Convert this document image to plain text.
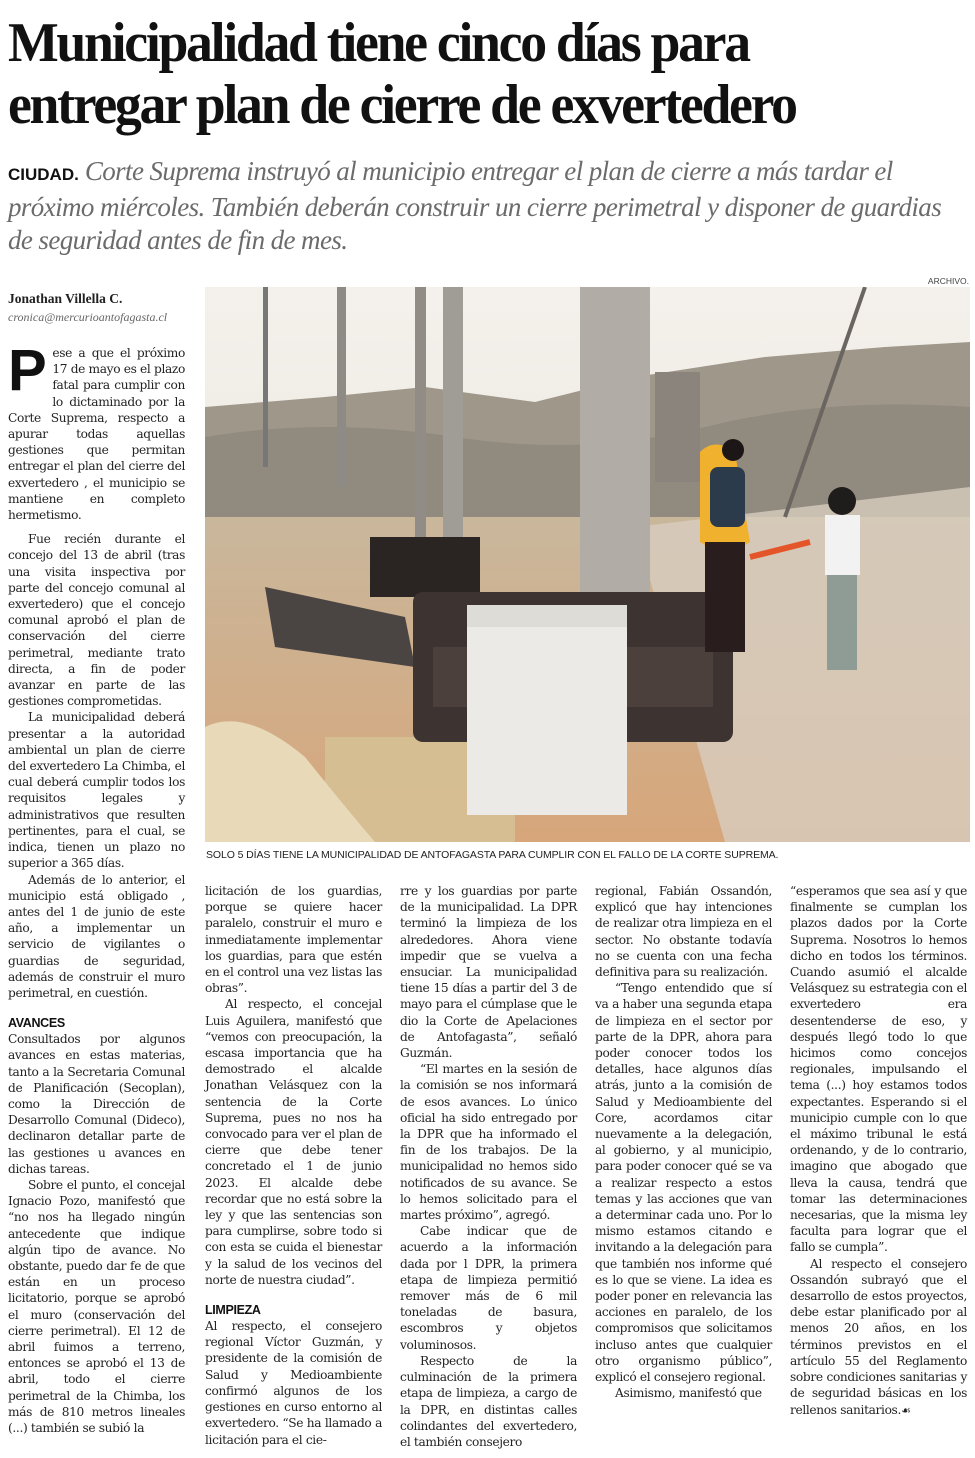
Municipalidad tiene cinco días para entregar plan de cierre de exvertedero

CIUDAD. Corte Suprema instruyó al municipio entregar el plan de cierre a más tardar el próximo miércoles. También deberán construir un cierre perimetral y disponer de guardias de seguridad antes de fin de mes.

Jonathan Villella C.
cronica@mercurioantofagasta.cl
ARCHIVO.
SOLO 5 DÍAS TIENE LA MUNICIPALIDAD DE ANTOFAGASTA PARA CUMPLIR CON EL FALLO DE LA CORTE SUPREMA.

Pese a que el próximo 17 de mayo es el plazo fatal para cumplir con lo dictaminado por la Corte Suprema, respecto a apurar todas aquellas gestiones que permitan entregar el plan del cierre del exvertedero , el municipio se mantiene en completo hermetismo.

Fue recién durante el concejo del 13 de abril (tras una visita inspectiva por parte del concejo comunal al exvertedero) que el concejo comunal aprobó el plan de conservación del cierre perimetral, mediante trato directa, a fin de poder avanzar en parte de las gestiones comprometidas.

La municipalidad deberá presentar a la autoridad ambiental un plan de cierre del exvertedero La Chimba, el cual deberá cumplir todos los requisitos legales y administrativos que resulten pertinentes, para el cual, se indica, tienen un plazo no superior a 365 días.

Además de lo anterior, el municipio está obligado , antes del 1 de junio de este año, a implementar un servicio de vigilantes o guardias de seguridad, además de construir el muro perimetral, en cuestión.

AVANCES

Consultados por algunos avances en estas materias, tanto a la Secretaria Comunal de Planificación (Secoplan), como la Dirección de Desarrollo Comunal (Dideco), declinaron detallar parte de las gestiones u avances en dichas tareas.

Sobre el punto, el concejal Ignacio Pozo, manifestó que “no nos ha llegado ningún antecedente que indique algún tipo de avance. No obstante, puedo dar fe de que están en un proceso licitatorio, porque se aprobó el muro (conservación del cierre perimetral). El 12 de abril fuimos a terreno, entonces se aprobó el 13 de abril, todo el cierre perimetral de la Chimba, los más de 810 metros lineales (...) también se subió la

licitación de los guardias, porque se quiere hacer paralelo, construir el muro e inmediatamente implementar los guardias, para que estén en el control una vez listas las obras”.

Al respecto, el concejal Luis Aguilera, manifestó que “vemos con preocupación, la escasa importancia que ha demostrado el alcalde Jonathan Velásquez con la sentencia de la Corte Suprema, pues no nos ha convocado para ver el plan de cierre que debe tener concretado el 1 de junio 2023. El alcalde debe recordar que no está sobre la ley y que las sentencias son para cumplirse, sobre todo si con esta se cuida el bienestar y la salud de los vecinos del norte de nuestra ciudad”.

LIMPIEZA

Al respecto, el consejero regional Víctor Guzmán, y presidente de la comisión de Salud y Medioambiente confirmó algunos de los gestiones en curso entorno al exvertedero. “Se ha llamado a licitación para el cie-

rre y los guardias por parte de la municipalidad. La DPR terminó la limpieza de los alrededores. Ahora viene impedir que se vuelva a ensuciar. La municipalidad tiene 15 días a partir del 3 de mayo para el cúmplase que le dio la Corte de Apelaciones de Antofagasta”, señaló Guzmán.

“El martes en la sesión de la comisión se nos informará de esos avances. Lo único oficial ha sido entregado por la DPR que ha informado el fin de los trabajos. De la municipalidad no hemos sido notificados de su avance. Se lo hemos solicitado para el martes próximo”, agregó.

Cabe indicar que de acuerdo a la información dada por l DPR, la primera etapa de limpieza permitió remover más de 6 mil toneladas de basura, escombros y objetos voluminosos.

Respecto de la culminación de la primera etapa de limpieza, a cargo de la DPR, en distintas calles colindantes del exvertedero, el también consejero

regional, Fabián Ossandón, explicó que hay intenciones de realizar otra limpieza en el sector. No obstante todavía no se cuenta con una fecha definitiva para su realización.

“Tengo entendido que sí va a haber una segunda etapa de limpieza en el sector por parte de la DPR, ahora para poder conocer todos los detalles, hace algunos días atrás, junto a la comisión de Salud y Medioambiente del Core, acordamos citar nuevamente a la delegación, al gobierno, y al municipio, para poder conocer qué se va a realizar respecto a estos temas y las acciones que van a determinar cada uno. Por lo mismo estamos citando e invitando a la delegación para que también nos informe qué es lo que se viene. La idea es poder poner en relevancia las acciones en paralelo, de los compromisos que solicitamos incluso antes que cualquier otro organismo público”, explicó el consejero regional.

Asimismo, manifestó que

“esperamos que sea así y que finalmente se cumplan los plazos dados por la Corte Suprema. Nosotros lo hemos dicho en todos los términos. Cuando asumió el alcalde Velásquez su estrategia con el exvertedero era desentenderse de eso, y después llegó todo lo que hicimos como concejos regionales, impulsando el tema (...) hoy estamos todos expectantes. Esperando si el municipio cumple con lo que el máximo tribunal le está ordenando, y de lo contrario, imagino que abogado que lleva la causa, tendrá que tomar las determinaciones necesarias, que la misma ley faculta para lograr que el fallo se cumpla”.

Al respecto el consejero Ossandón subrayó que el desarrollo de estos proyectos, debe estar planificado por al menos 20 años, en los términos previstos en el artículo 55 del Reglamento sobre condiciones sanitarias y de seguridad básicas en los rellenos sanitarios.☙
